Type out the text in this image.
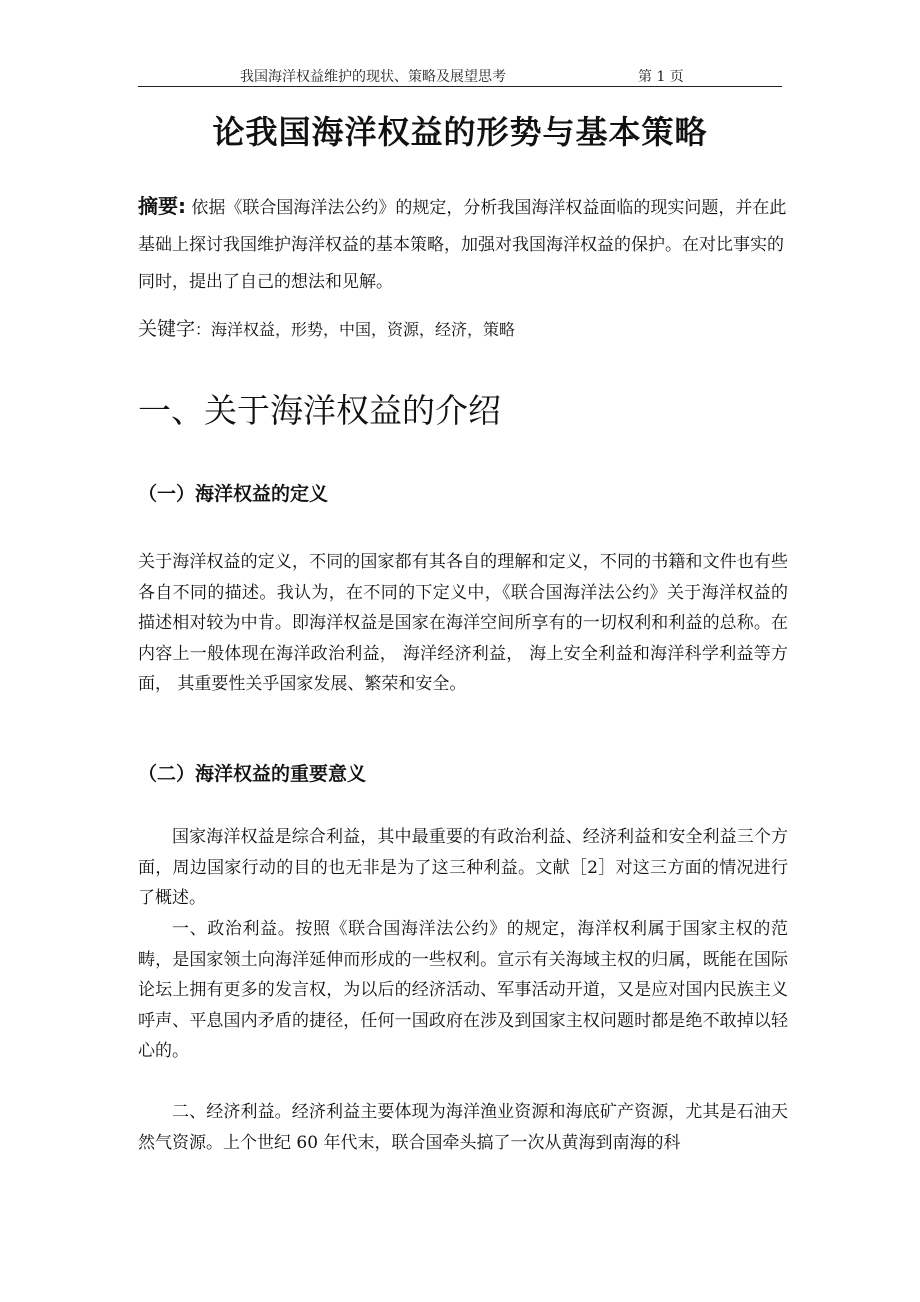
我国海洋权益维护的现状、策略及展望思考	第 1 页
论我国海洋权益的形势与基本策略

摘要: 依据《联合国海洋法公约》的规定，分析我国海洋权益面临的现实问题，并在此基础上探讨我国维护海洋权益的基本策略，加强对我国海洋权益的保护。在对比事实的同时，提出了自己的想法和见解。

关键字：海洋权益，形势，中国，资源，经济，策略

一、关于海洋权益的介绍
（一）海洋权益的定义

关于海洋权益的定义，不同的国家都有其各自的理解和定义，不同的书籍和文件也有些各自不同的描述。我认为，在不同的下定义中，《联合国海洋法公约》关于海洋权益的描述相对较为中肯。即海洋权益是国家在海洋空间所享有的一切权利和利益的总称。在内容上一般体现在海洋政治利益， 海洋经济利益， 海上安全利益和海洋科学利益等方面， 其重要性关乎国家发展、繁荣和安全。

（二）海洋权益的重要意义

国家海洋权益是综合利益，其中最重要的有政治利益、经济利益和安全利益三个方面，周边国家行动的目的也无非是为了这三种利益。文献［2］对这三方面的情况进行了概述。

一、政治利益。按照《联合国海洋法公约》的规定，海洋权利属于国家主权的范畴，是国家领土向海洋延伸而形成的一些权利。宣示有关海域主权的归属，既能在国际论坛上拥有更多的发言权，为以后的经济活动、军事活动开道，又是应对国内民族主义呼声、平息国内矛盾的捷径，任何一国政府在涉及到国家主权问题时都是绝不敢掉以轻心的。

二、经济利益。经济利益主要体现为海洋渔业资源和海底矿产资源，尤其是石油天然气资源。上个世纪 60 年代末，联合国牵头搞了一次从黄海到南海的科
